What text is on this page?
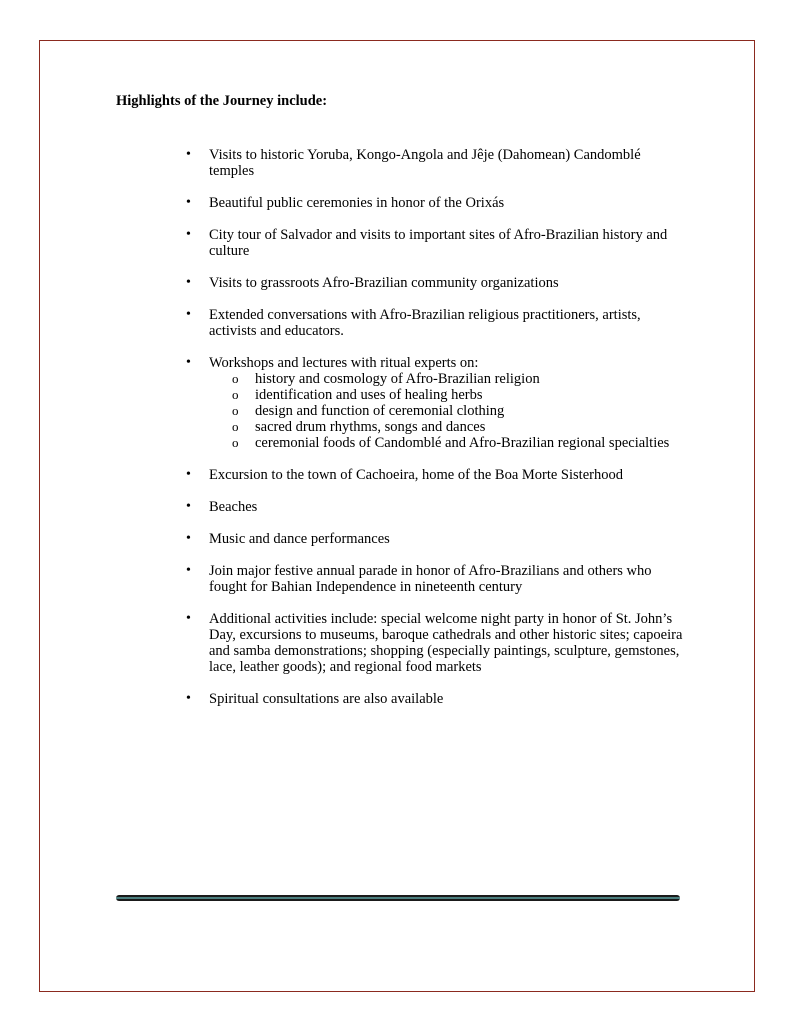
Highlights of the Journey include:
• Visits to historic Yoruba, Kongo-Angola and Jêje (Dahomean) Candomblé temples
• Beautiful public ceremonies in honor of the Orixás
• City tour of Salvador and visits to important sites of Afro-Brazilian history and culture
• Visits to grassroots Afro-Brazilian community organizations
• Extended conversations with Afro-Brazilian religious practitioners, artists, activists and educators.
• Workshops and lectures with ritual experts on:
o history and cosmology of Afro-Brazilian religion
o identification and uses of healing herbs
o design and function of ceremonial clothing
o sacred drum rhythms, songs and dances
o ceremonial foods of Candomblé and Afro-Brazilian regional specialties
• Excursion to the town of Cachoeira, home of the Boa Morte Sisterhood
• Beaches
• Music and dance performances
• Join major festive annual parade in honor of Afro-Brazilians and others who fought for Bahian Independence in nineteenth century
• Additional activities include: special welcome night party in honor of St. John’s Day, excursions to museums, baroque cathedrals and other historic sites; capoeira and samba demonstrations; shopping (especially paintings, sculpture, gemstones, lace, leather goods); and regional food markets
• Spiritual consultations are also available
